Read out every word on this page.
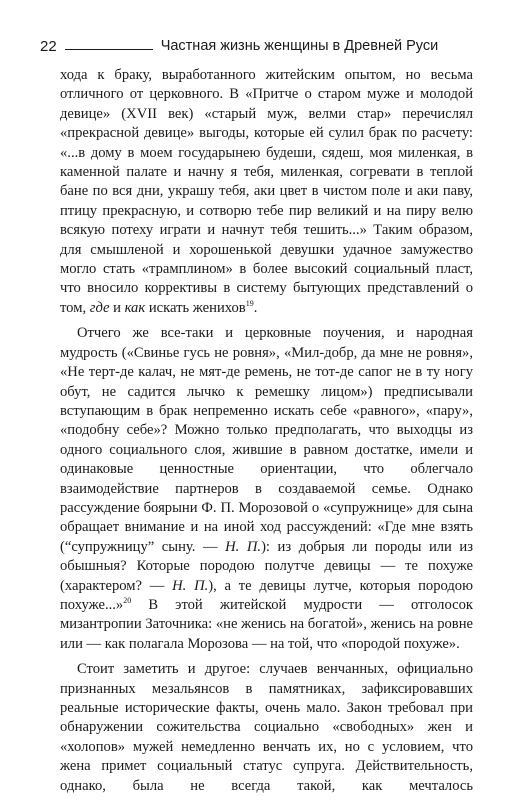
22	Частная жизнь женщины в Древней Руси

хода к браку, выработанного житейским опытом, но весьма отличного от церковного. В «Притче о старом муже и молодой девице» (XVII век) «старый муж, велми стар» перечислял «прекрасной девице» выгоды, которые ей сулил брак по расчету: «...в дому в моем государынею будеши, сядеш, моя миленкая, в каменной палате и начну я тебя, миленкая, согревати в теплой бане по вся дни, украшу тебя, аки цвет в чистом поле и аки паву, птицу прекрасную, и сотворю тебе пир великий и на пиру велю всякую потеху играти и начнут тебя тешить...» Таким образом, для смышленой и хорошенькой девушки удачное замужество могло стать «трамплином» в более высокий социальный пласт, что вносило коррективы в систему бытующих представлений о том, где и как искать женихов$^{19}$.

Отчего же все-таки и церковные поучения, и народная мудрость («Свинье гусь не ровня», «Мил-добр, да мне не ровня», «Не терт-де калач, не мят-де ремень, не тот-де сапог не в ту ногу обут, не садится лычко к ремешку лицом») предписывали вступающим в брак непременно искать себе «равного», «пару», «подобну себе»? Можно только предполагать, что выходцы из одного социального слоя, жившие в равном достатке, имели и одинаковые ценностные ориентации, что облегчало взаимодействие партнеров в создаваемой семье. Однако рассуждение боярыни Ф. П. Морозовой о «супружнице» для сына обращает внимание и на иной ход рассуждений: «Где мне взять (“супружницу” сыну. — Н. П.): из добрыя ли породы или из обышныя? Которые породою полутче девицы — те похуже (характером? — Н. П.), а те девицы лутче, которыя породою похуже...»$^{20}$ В этой житейской мудрости — отголосок мизантропии Заточника: «не женись на богатой», женись на ровне или — как полагала Морозова — на той, что «породой похуже».

Стоит заметить и другое: случаев венчанных, официально признанных мезальянсов в памятниках, зафиксировавших реальные исторические факты, очень мало. Закон требовал при обнаружении сожительства социально «свободных» жен и «холопов» мужей немедленно венчать их, но с условием, что жена примет социальный статус супруга. Действительность, однако, была не всегда такой, как мечталось
